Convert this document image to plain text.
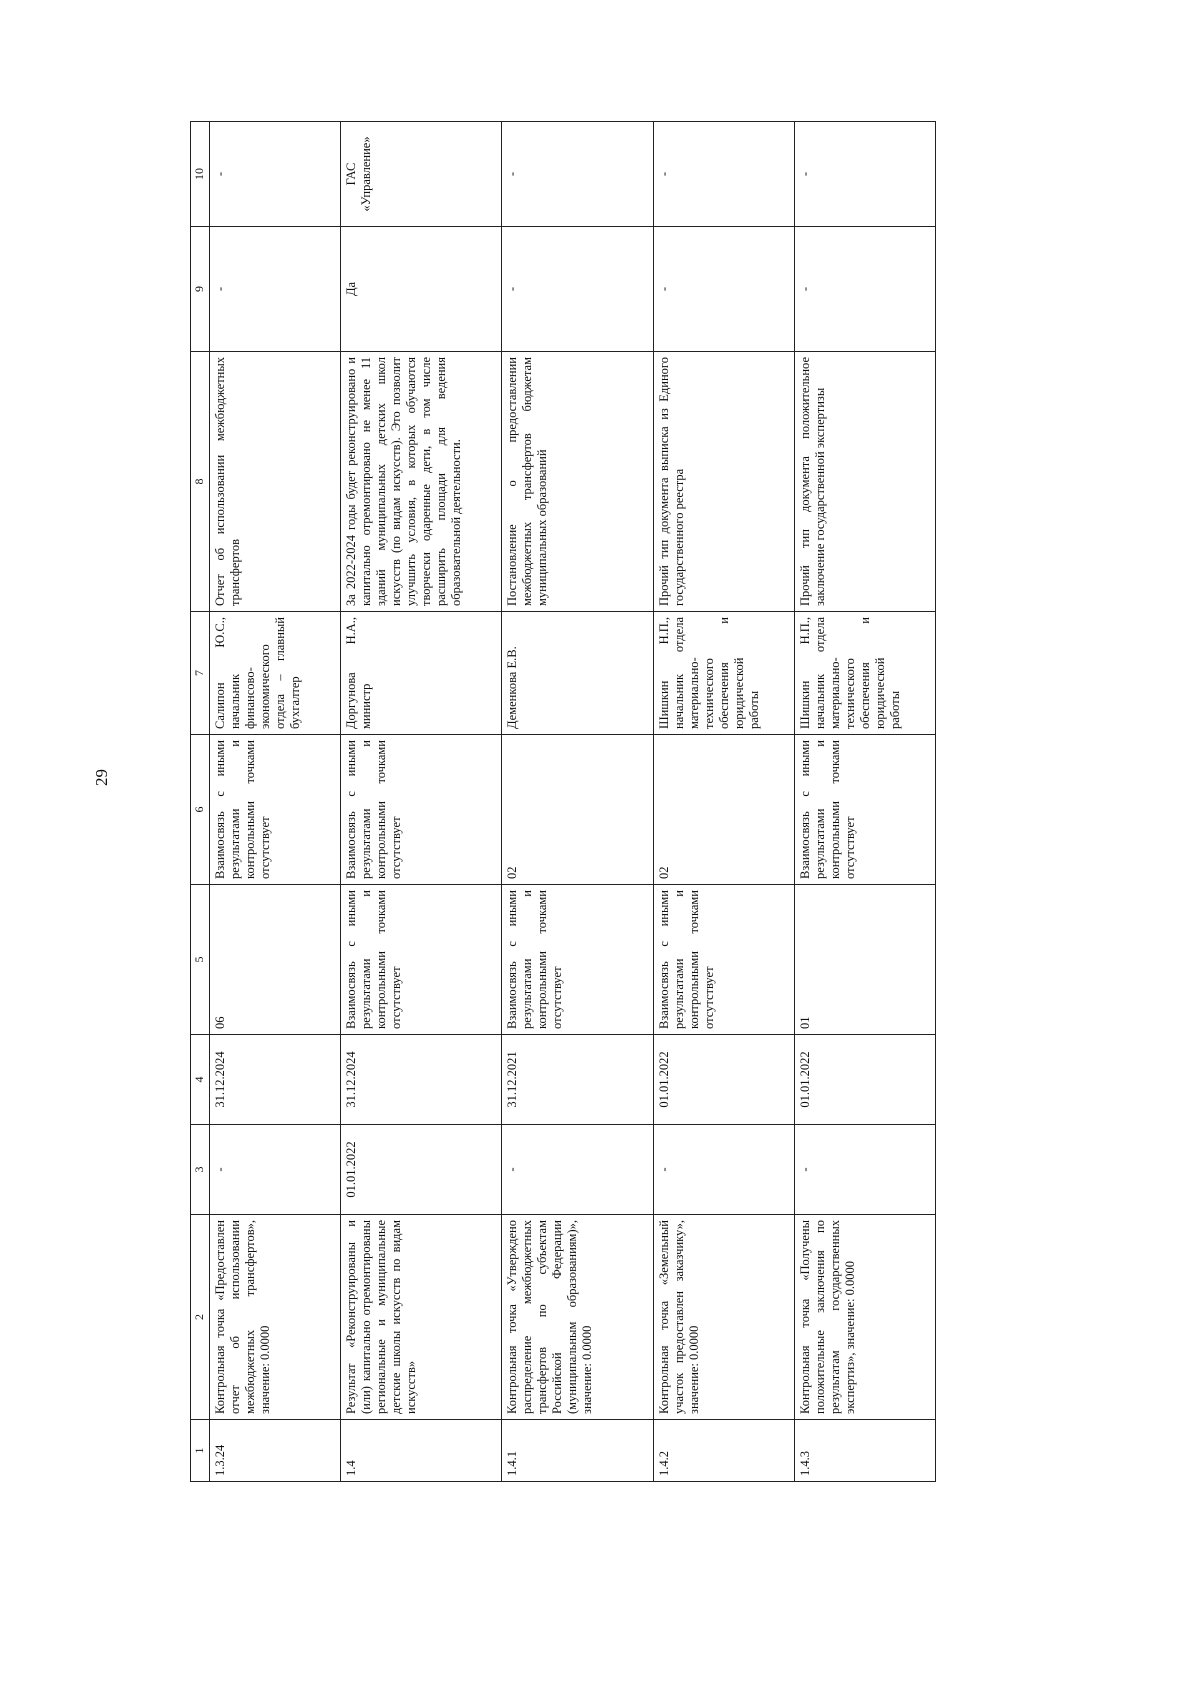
29
1	2	3	4	5	6	7	8	9	10
1.3.24	Контрольная точка «Предоставлен отчет об использовании межбюджетных трансфертов», значение: 0.0000	-	31.12.2024	06	Взаимосвязь с иными результатами и контрольными точками отсутствует	Салипон Ю.С., начальник финансово-экономического отдела – главный бухгалтер	Отчет об использовании межбюджетных трансфертов	-	-
1.4	Результат «Реконструированы и (или) капитально отремонтированы региональные и муниципальные детские школы искусств по видам искусств»	01.01.2022	31.12.2024	Взаимосвязь с иными результатами и контрольными точками отсутствует	Взаимосвязь с иными результатами и контрольными точками отсутствует	Доргунова Н.А., министр	За 2022-2024 годы будет реконструировано и капитально отремонтировано не менее 11 зданий муниципальных детских школ искусств (по видам искусств). Это позволит улучшить условия, в которых обучаются творчески одаренные дети, в том числе расширить площади для ведения образовательной деятельности.	Да	ГАС «Управление»
1.4.1	Контрольная точка «Утверждено распределение межбюджетных трансфертов по субъектам Российской Федерации (муниципальным образованиям)», значение: 0.0000	-	31.12.2021	Взаимосвязь с иными результатами и контрольными точками отсутствует	02	Деменкова Е.В.	Постановление о предоставлении межбюджетных трансфертов бюджетам муниципальных образований	-	-
1.4.2	Контрольная точка «Земельный участок предоставлен заказчику», значение: 0.0000	-	01.01.2022	Взаимосвязь с иными результатами и контрольными точками отсутствует	02	Шишкин Н.П., начальник отдела материально-технического обеспечения и юридической работы	Прочий тип документа выписка из Единого государственного реестра	-	-
1.4.3	Контрольная точка «Получены положительные заключения по результатам государственных экспертиз», значение: 0.0000	-	01.01.2022	01	Взаимосвязь с иными результатами и контрольными точками отсутствует	Шишкин Н.П., начальник отдела материально-технического обеспечения и юридической работы	Прочий тип документа положительное заключение государственной экспертизы	-	-
